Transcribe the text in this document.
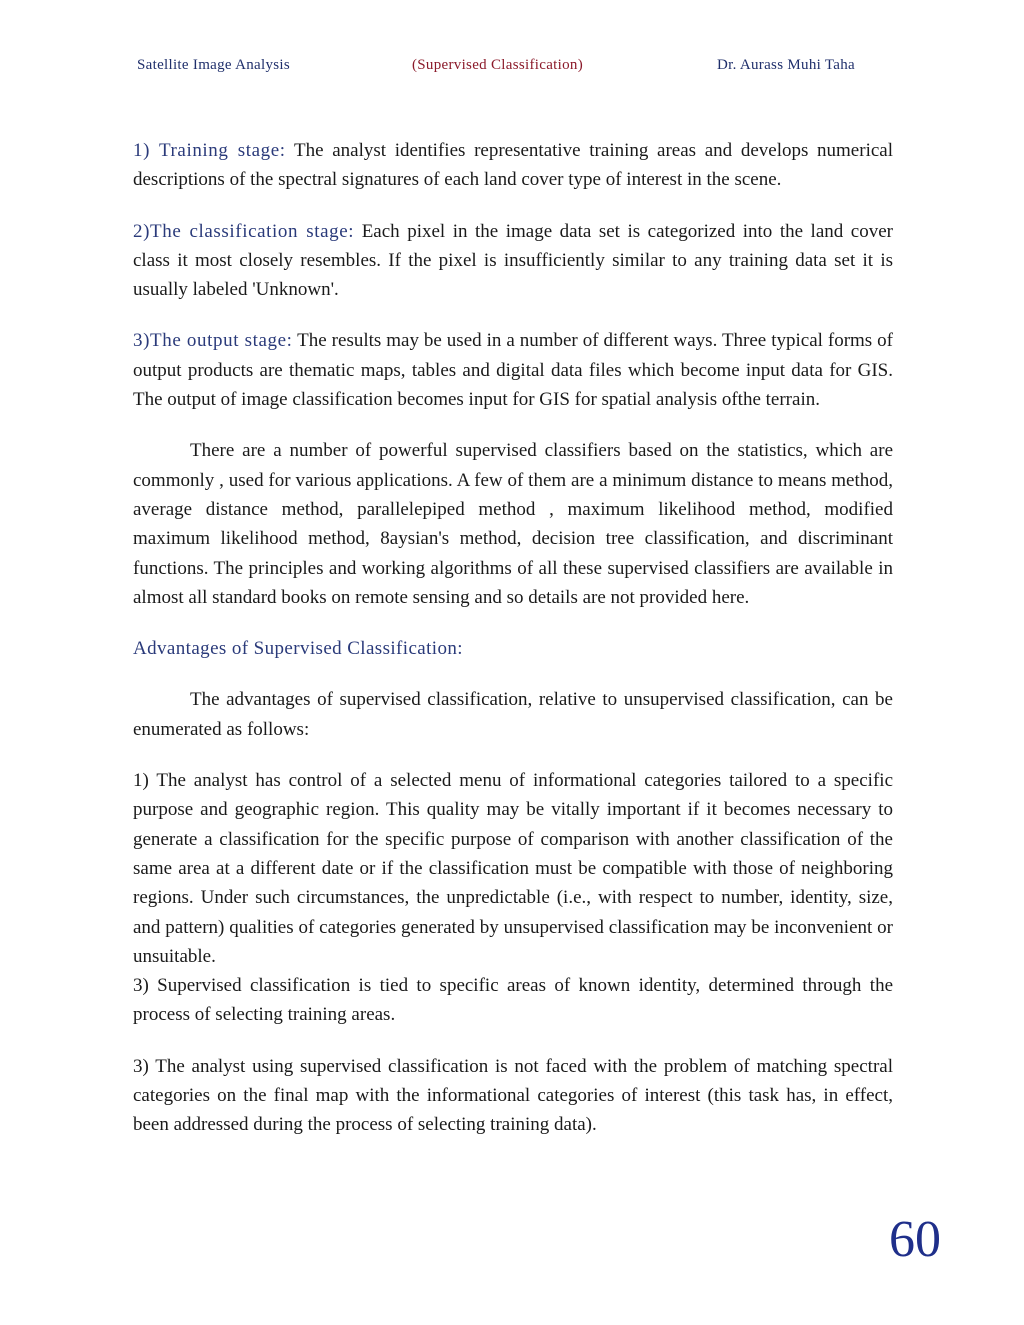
Satellite Image Analysis	(Supervised Classification)	Dr. Aurass Muhi Taha

1) Training stage: The analyst identifies representative training areas and develops numerical descriptions of the spectral signatures of each land cover type of interest in the scene.

2)The classification stage: Each pixel in the image data set is categorized into the land cover class it most closely resembles. If the pixel is insufficiently similar to any training data set it is usually labeled 'Unknown'.

3)The output stage: The results may be used in a number of different ways. Three typical forms of output products are thematic maps, tables and digital data files which become input data for GIS. The output of image classification becomes input for GIS for spatial analysis ofthe terrain.

There are a number of powerful supervised classifiers based on the statistics, which are commonly , used for various applications. A few of them are a minimum distance to means method, average distance method, parallelepiped method , maximum likelihood method, modified maximum likelihood method, 8aysian's method, decision tree classification, and discriminant functions. The principles and working algorithms of all these supervised classifiers are available in almost all standard books on remote sensing and so details are not provided here.

Advantages of Supervised Classification:

The advantages of supervised classification, relative to unsupervised classification, can be enumerated as follows:

1) The analyst has control of a selected menu of informational categories tailored to a specific purpose and geographic region. This quality may be vitally important if it becomes necessary to generate a classification for the specific purpose of comparison with another classification of the same area at a different date or if the classification must be compatible with those of neighboring regions. Under such circumstances, the unpredictable (i.e., with respect to number, identity, size, and pattern) qualities of categories generated by unsupervised classification may be inconvenient or unsuitable.

3) Supervised classification is tied to specific areas of known identity, determined through the process of selecting training areas.

3) The analyst using supervised classification is not faced with the problem of matching spectral categories on the final map with the informational categories of interest (this task has, in effect, been addressed during the process of selecting training data).

60
